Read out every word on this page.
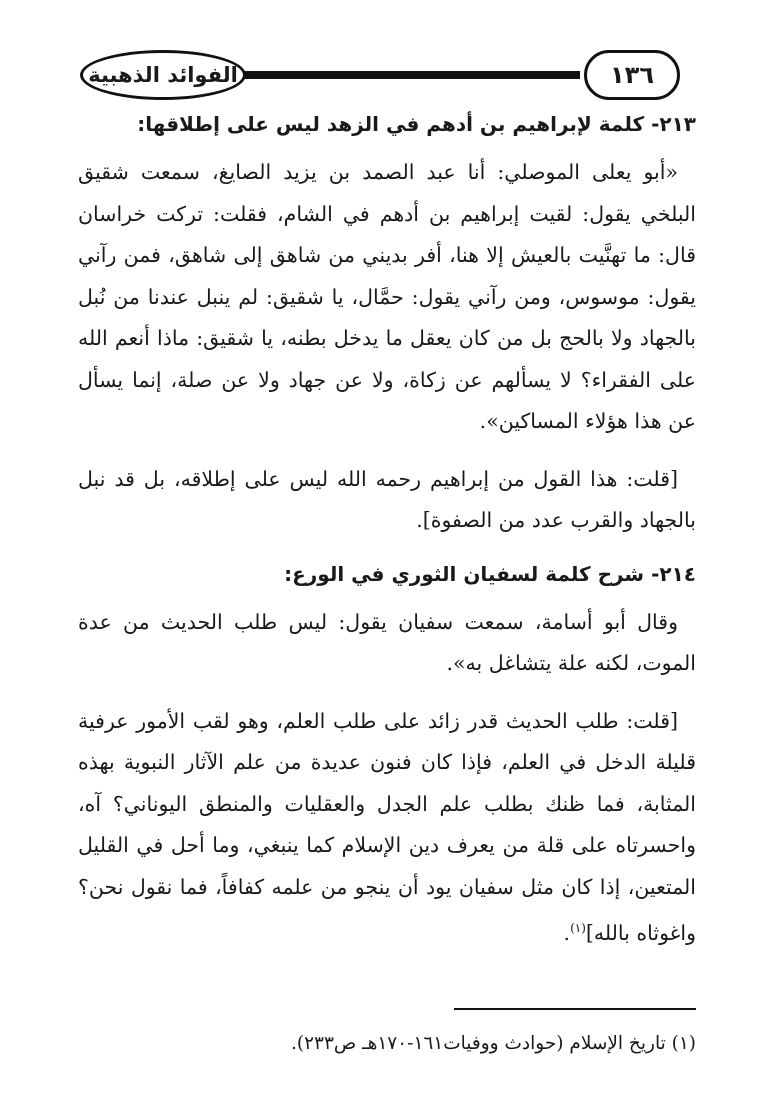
الفوائد الذهبية	١٣٦
٢١٣- كلمة لإبراهيم بن أدهم في الزهد ليس على إطلاقها:

«أبو يعلى الموصلي: أنا عبد الصمد بن يزيد الصايغ، سمعت شقيق البلخي يقول: لقيت إبراهيم بن أدهم في الشام، فقلت: تركت خراسان قال: ما تهنَّيت بالعيش إلا هنا، أفر بديني من شاهق إلى شاهق، فمن رآني يقول: موسوس، ومن رآني يقول: حمَّال، يا شقيق: لم ينبل عندنا من نُبل بالجهاد ولا بالحج بل من كان يعقل ما يدخل بطنه، يا شقيق: ماذا أنعم الله على الفقراء؟ لا يسألهم عن زكاة، ولا عن جهاد ولا عن صلة، إنما يسأل عن هذا هؤلاء المساكين».

[قلت: هذا القول من إبراهيم رحمه الله ليس على إطلاقه، بل قد نبل بالجهاد والقرب عدد من الصفوة].

٢١٤- شرح كلمة لسفيان الثوري في الورع:

وقال أبو أسامة، سمعت سفيان يقول: ليس طلب الحديث من عدة الموت، لكنه علة يتشاغل به».

[قلت: طلب الحديث قدر زائد على طلب العلم، وهو لقب الأمور عرفية قليلة الدخل في العلم، فإذا كان فنون عديدة من علم الآثار النبوية بهذه المثابة، فما ظنك بطلب علم الجدل والعقليات والمنطق اليوناني؟ آه، واحسرتاه على قلة من يعرف دين الإسلام كما ينبغي، وما أحل في القليل المتعين، إذا كان مثل سفيان يود أن ينجو من علمه كفافاً، فما نقول نحن؟ واغوثاه بالله]$^{(١)}$.

(١) تاريخ الإسلام (حوادث ووفيات١٦١-١٧٠هـ ص٢٣٣).
